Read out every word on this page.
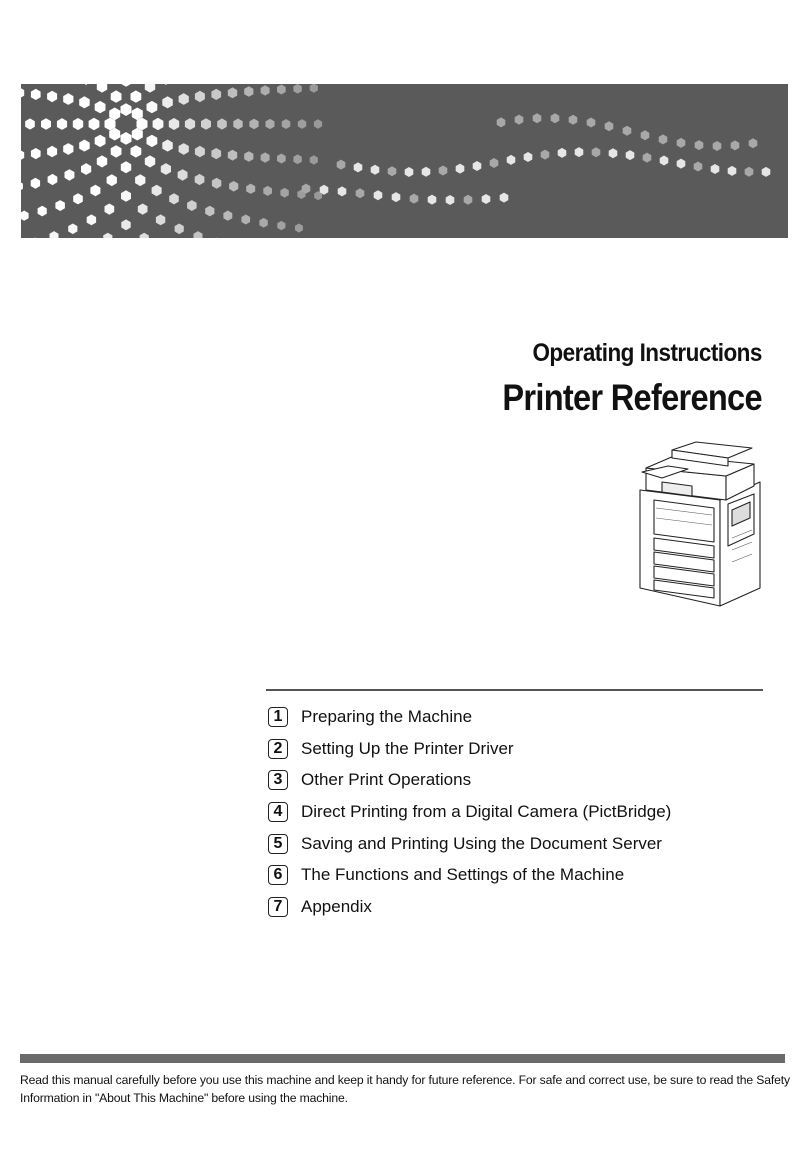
Operating Instructions
Printer Reference
1	Preparing the Machine
2	Setting Up the Printer Driver
3	Other Print Operations
4	Direct Printing from a Digital Camera (PictBridge)
5	Saving and Printing Using the Document Server
6	The Functions and Settings of the Machine
7	Appendix
Read this manual carefully before you use this machine and keep it handy for future reference. For safe and correct use, be sure to read the Safety Information in "About This Machine" before using the machine.
